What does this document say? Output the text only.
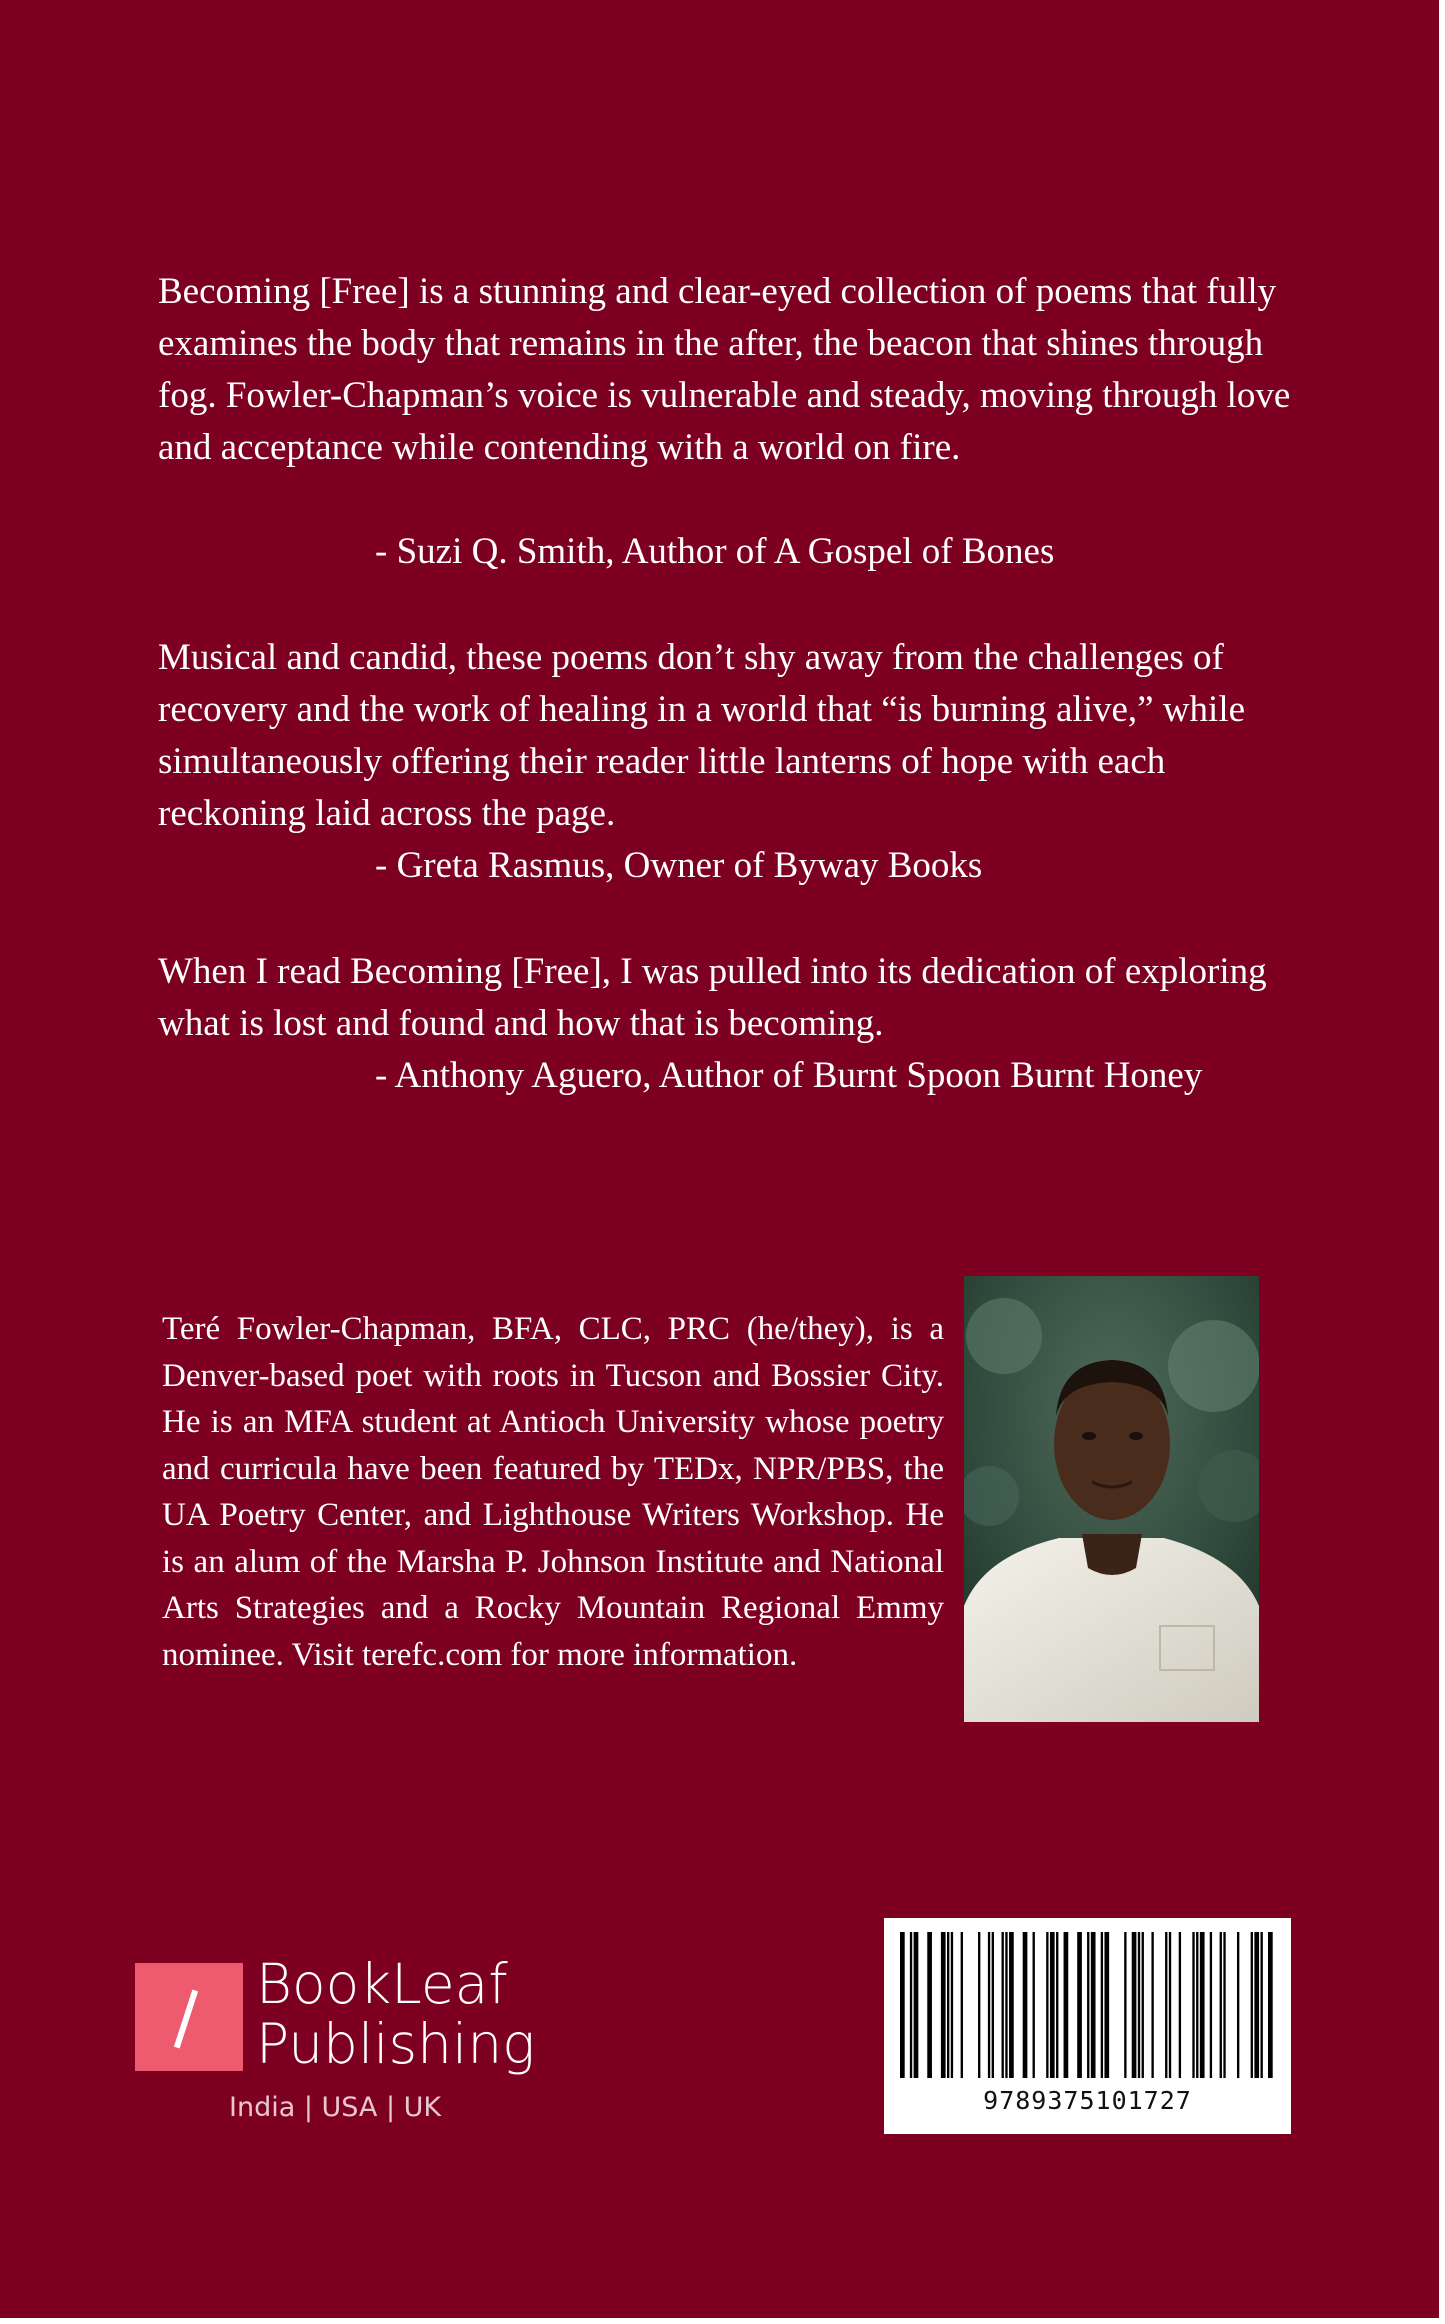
Becoming [Free] is a stunning and clear-eyed collection of poems that fully examines the body that remains in the after, the beacon that shines through fog. Fowler-Chapman’s voice is vulnerable and steady, moving through love and acceptance while contending with a world on fire.

- Suzi Q. Smith, Author of A Gospel of Bones

Musical and candid, these poems don’t shy away from the challenges of recovery and the work of healing in a world that “is burning alive,” while simultaneously offering their reader little lanterns of hope with each reckoning laid across the page.

- Greta Rasmus, Owner of Byway Books

When I read Becoming [Free], I was pulled into its dedication of exploring what is lost and found and how that is becoming.

- Anthony Aguero, Author of Burnt Spoon Burnt Honey
Teré Fowler-Chapman, BFA, CLC, PRC (he/they), is a Denver-based poet with roots in Tucson and Bossier City. He is an MFA student at Antioch University whose poetry and curricula have been featured by TEDx, NPR/PBS, the UA Poetry Center, and Lighthouse Writers Workshop. He is an alum of the Marsha P. Johnson Institute and National Arts Strategies and a Rocky Mountain Regional Emmy nominee. Visit terefc.com for more information.
BookLeaf
Publishing
India | USA | UK	9789375101727
